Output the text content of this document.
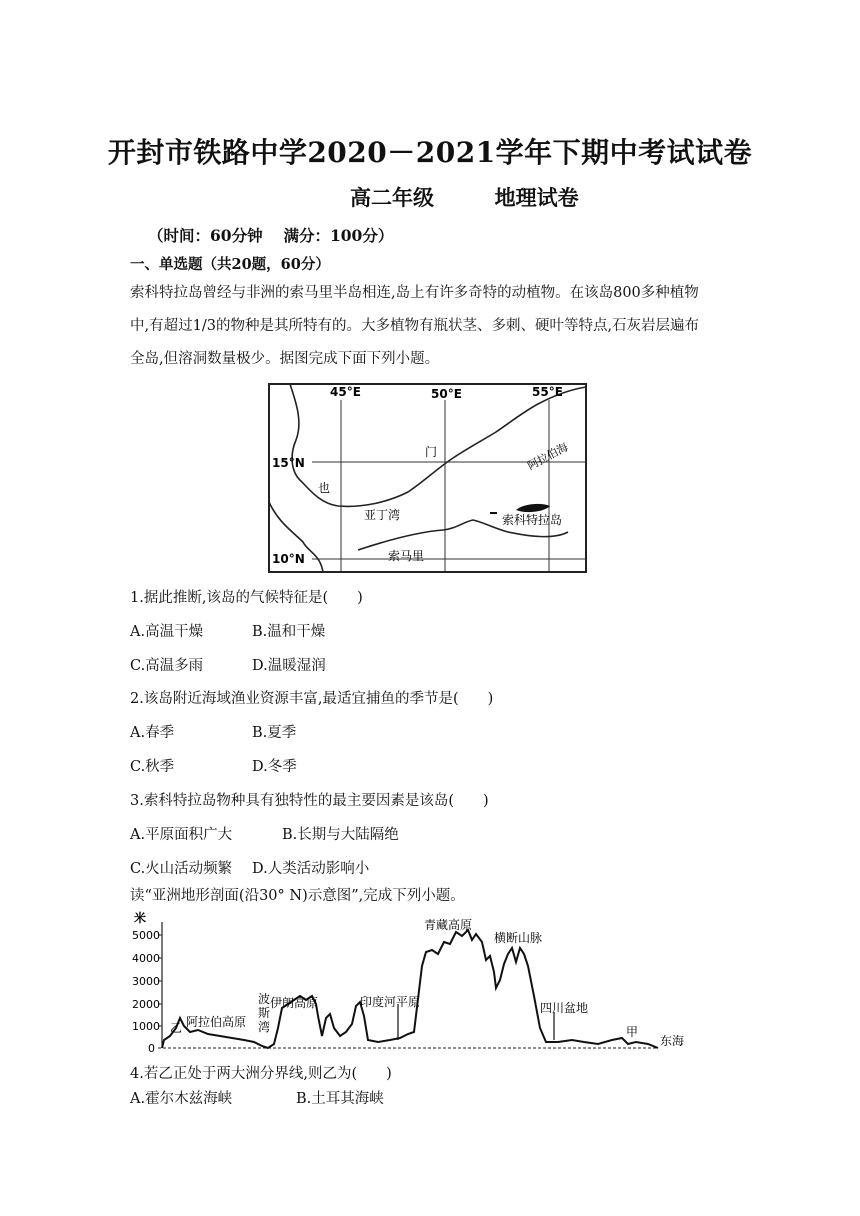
开封市铁路中学2020－2021学年下期中考试试卷
高二年级	地理试卷
（时间：60分钟　 满分：100分）
一、单选题（共20题，60分）
索科特拉岛曾经与非洲的索马里半岛相连,岛上有许多奇特的动植物。在该岛800多种植物
中,有超过1/3的物种是其所特有的。大多植物有瓶状茎、多刺、硬叶等特点,石灰岩层遍布
全岛,但溶洞数量极少。据图完成下面下列小题。
45°E	50°E	55°E
15°N
10°N
门
也
亚丁湾
阿拉伯海
索科特拉岛
索马里
1.据此推断,该岛的气候特征是(　　)
A.高温干燥	B.温和干燥
C.高温多雨	D.温暖湿润
2.该岛附近海域渔业资源丰富,最适宜捕鱼的季节是(　　)
A.春季	B.夏季
C.秋季	D.冬季
3.索科特拉岛物种具有独特性的最主要因素是该岛(　　)
A.平原面积广大	B.长期与大陆隔绝
C.火山活动频繁 D.人类活动影响小
读“亚洲地形剖面(沿30° N)示意图”,完成下列小题。
米
5000
4000
3000
2000
1000
0
乙 阿拉伯高原
波斯湾
伊朗高原	印度河平原
青藏高原
横断山脉
四川盆地
甲
东海
4.若乙正处于两大洲分界线,则乙为(　　)
A.霍尔木兹海峡	B.土耳其海峡
